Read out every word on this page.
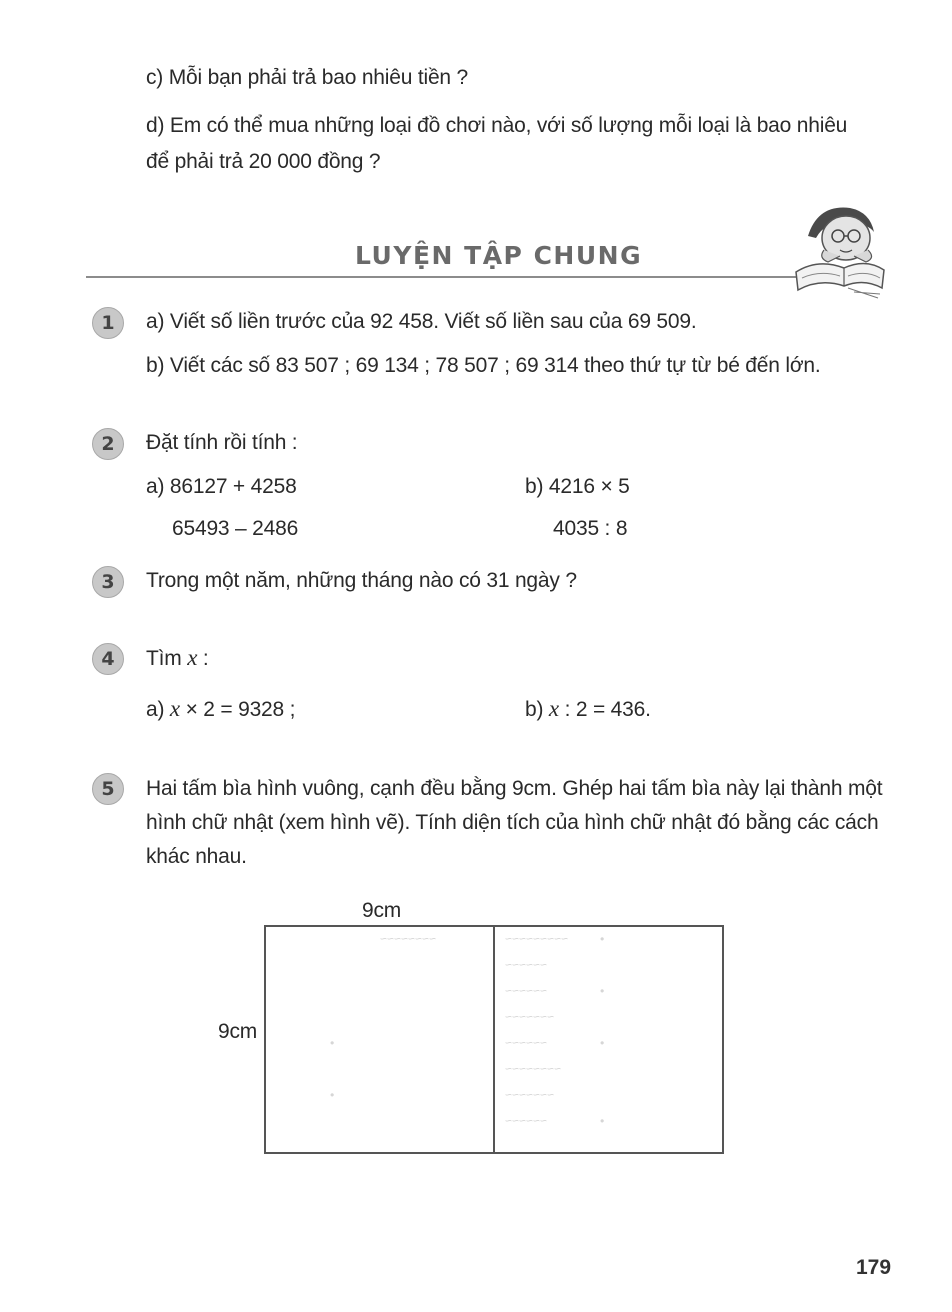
c) Mỗi bạn phải trả bao nhiêu tiền ?
d) Em có thể mua những loại đồ chơi nào, với số lượng mỗi loại là bao nhiêu
để phải trả 20 000 đồng ?
LUYỆN TẬP CHUNG
1	a) Viết số liền trước của 92 458. Viết số liền sau của 69 509.
b) Viết các số 83 507 ; 69 134 ; 78 507 ; 69 314 theo thứ tự từ bé đến lớn.
2	Đặt tính rồi tính :
a) 86127 + 4258
65493 – 2486
b) 4216 × 5
4035 : 8
3	Trong một năm, những tháng nào có 31 ngày ?
4	Tìm x :
a) x × 2 = 9328 ;	b) x : 2 = 436.
5	Hai tấm bìa hình vuông, cạnh đều bằng 9cm. Ghép hai tấm bìa này lại thành một
hình chữ nhật (xem hình vẽ). Tính diện tích của hình chữ nhật đó bằng các cách
khác nhau.
9cm
9cm
~~~~~~~~	~~~~~~~~~
~~~~~~
~~~~~~
~~~~~~~
~~~~~~
~~~~~~~~
~~~~~~~
~~~~~~
•
•
•
•
•
•
179
